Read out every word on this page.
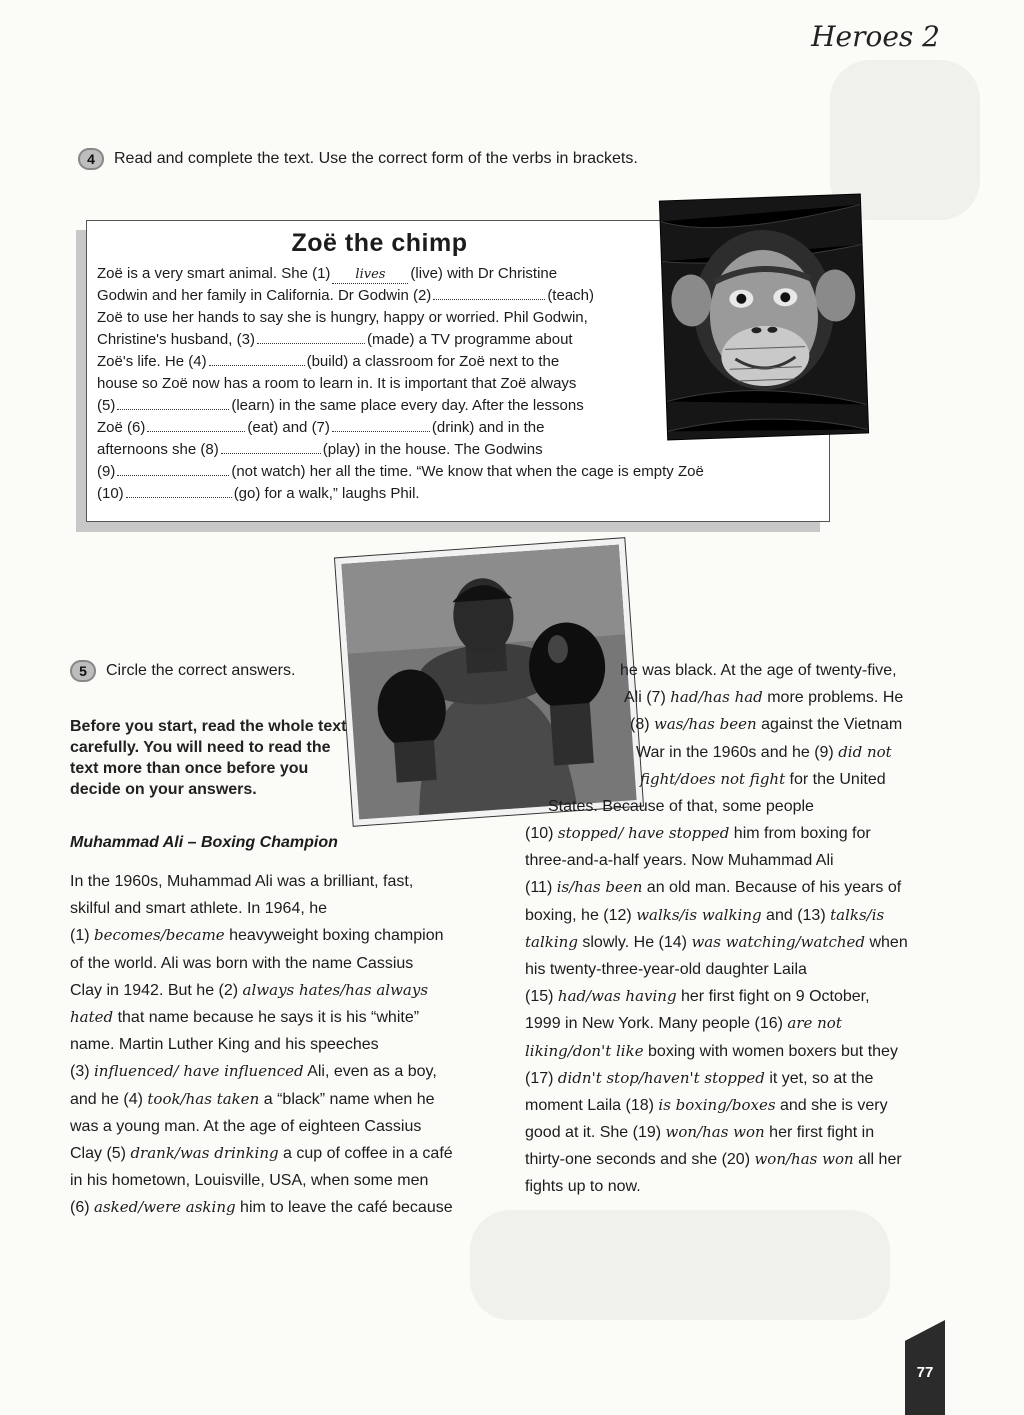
Heroes 2
4	Read and complete the text. Use the correct form of the verbs in brackets.
Zoë the chimp
Zoë is a very smart animal. She (1) lives (live) with Dr Christine
Godwin and her family in California. Dr Godwin (2)	(teach)
Zoë to use her hands to say she is hungry, happy or worried. Phil Godwin,
Christine's husband, (3)	(made) a TV programme about
Zoë's life. He (4)	(build) a classroom for Zoë next to the
house so Zoë now has a room to learn in. It is important that Zoë always
(5)	(learn) in the same place every day. After the lessons
Zoë (6)	(eat) and (7)	(drink) and in the
afternoons she (8)	(play) in the house. The Godwins
(9)	(not watch) her all the time. “We know that when the cage is empty Zoë
(10)	(go) for a walk,” laughs Phil.
5	Circle the correct answers.
Before you start, read the whole text
carefully. You will need to read the
text more than once before you
decide on your answers.
Muhammad Ali – Boxing Champion
In the 1960s, Muhammad Ali was a brilliant, fast,
skilful and smart athlete. In 1964, he
(1) becomes/became heavyweight boxing champion
of the world. Ali was born with the name Cassius
Clay in 1942. But he (2) always hates/has always
hated that name because he says it is his “white”
name. Martin Luther King and his speeches
(3) influenced/ have influenced Ali, even as a boy,
and he (4) took/has taken a “black” name when he
was a young man. At the age of eighteen Cassius
Clay (5) drank/was drinking a cup of coffee in a café
in his hometown, Louisville, USA, when some men
(6) asked/were asking him to leave the café because
he was black. At the age of twenty-five,
Ali (7) had/has had more problems. He
(8) was/has been against the Vietnam
War in the 1960s and he (9) did not
fight/does not fight for the United
States. Because of that, some people
(10) stopped/ have stopped him from boxing for
three-and-a-half years. Now Muhammad Ali
(11) is/has been an old man. Because of his years of
boxing, he (12) walks/is walking and (13) talks/is
talking slowly. He (14) was watching/watched when
his twenty-three-year-old daughter Laila
(15) had/was having her first fight on 9 October,
1999 in New York. Many people (16) are not
liking/don't like boxing with women boxers but they
(17) didn't stop/haven't stopped it yet, so at the
moment Laila (18) is boxing/boxes and she is very
good at it. She (19) won/has won her first fight in
thirty-one seconds and she (20) won/has won all her
fights up to now.
77
